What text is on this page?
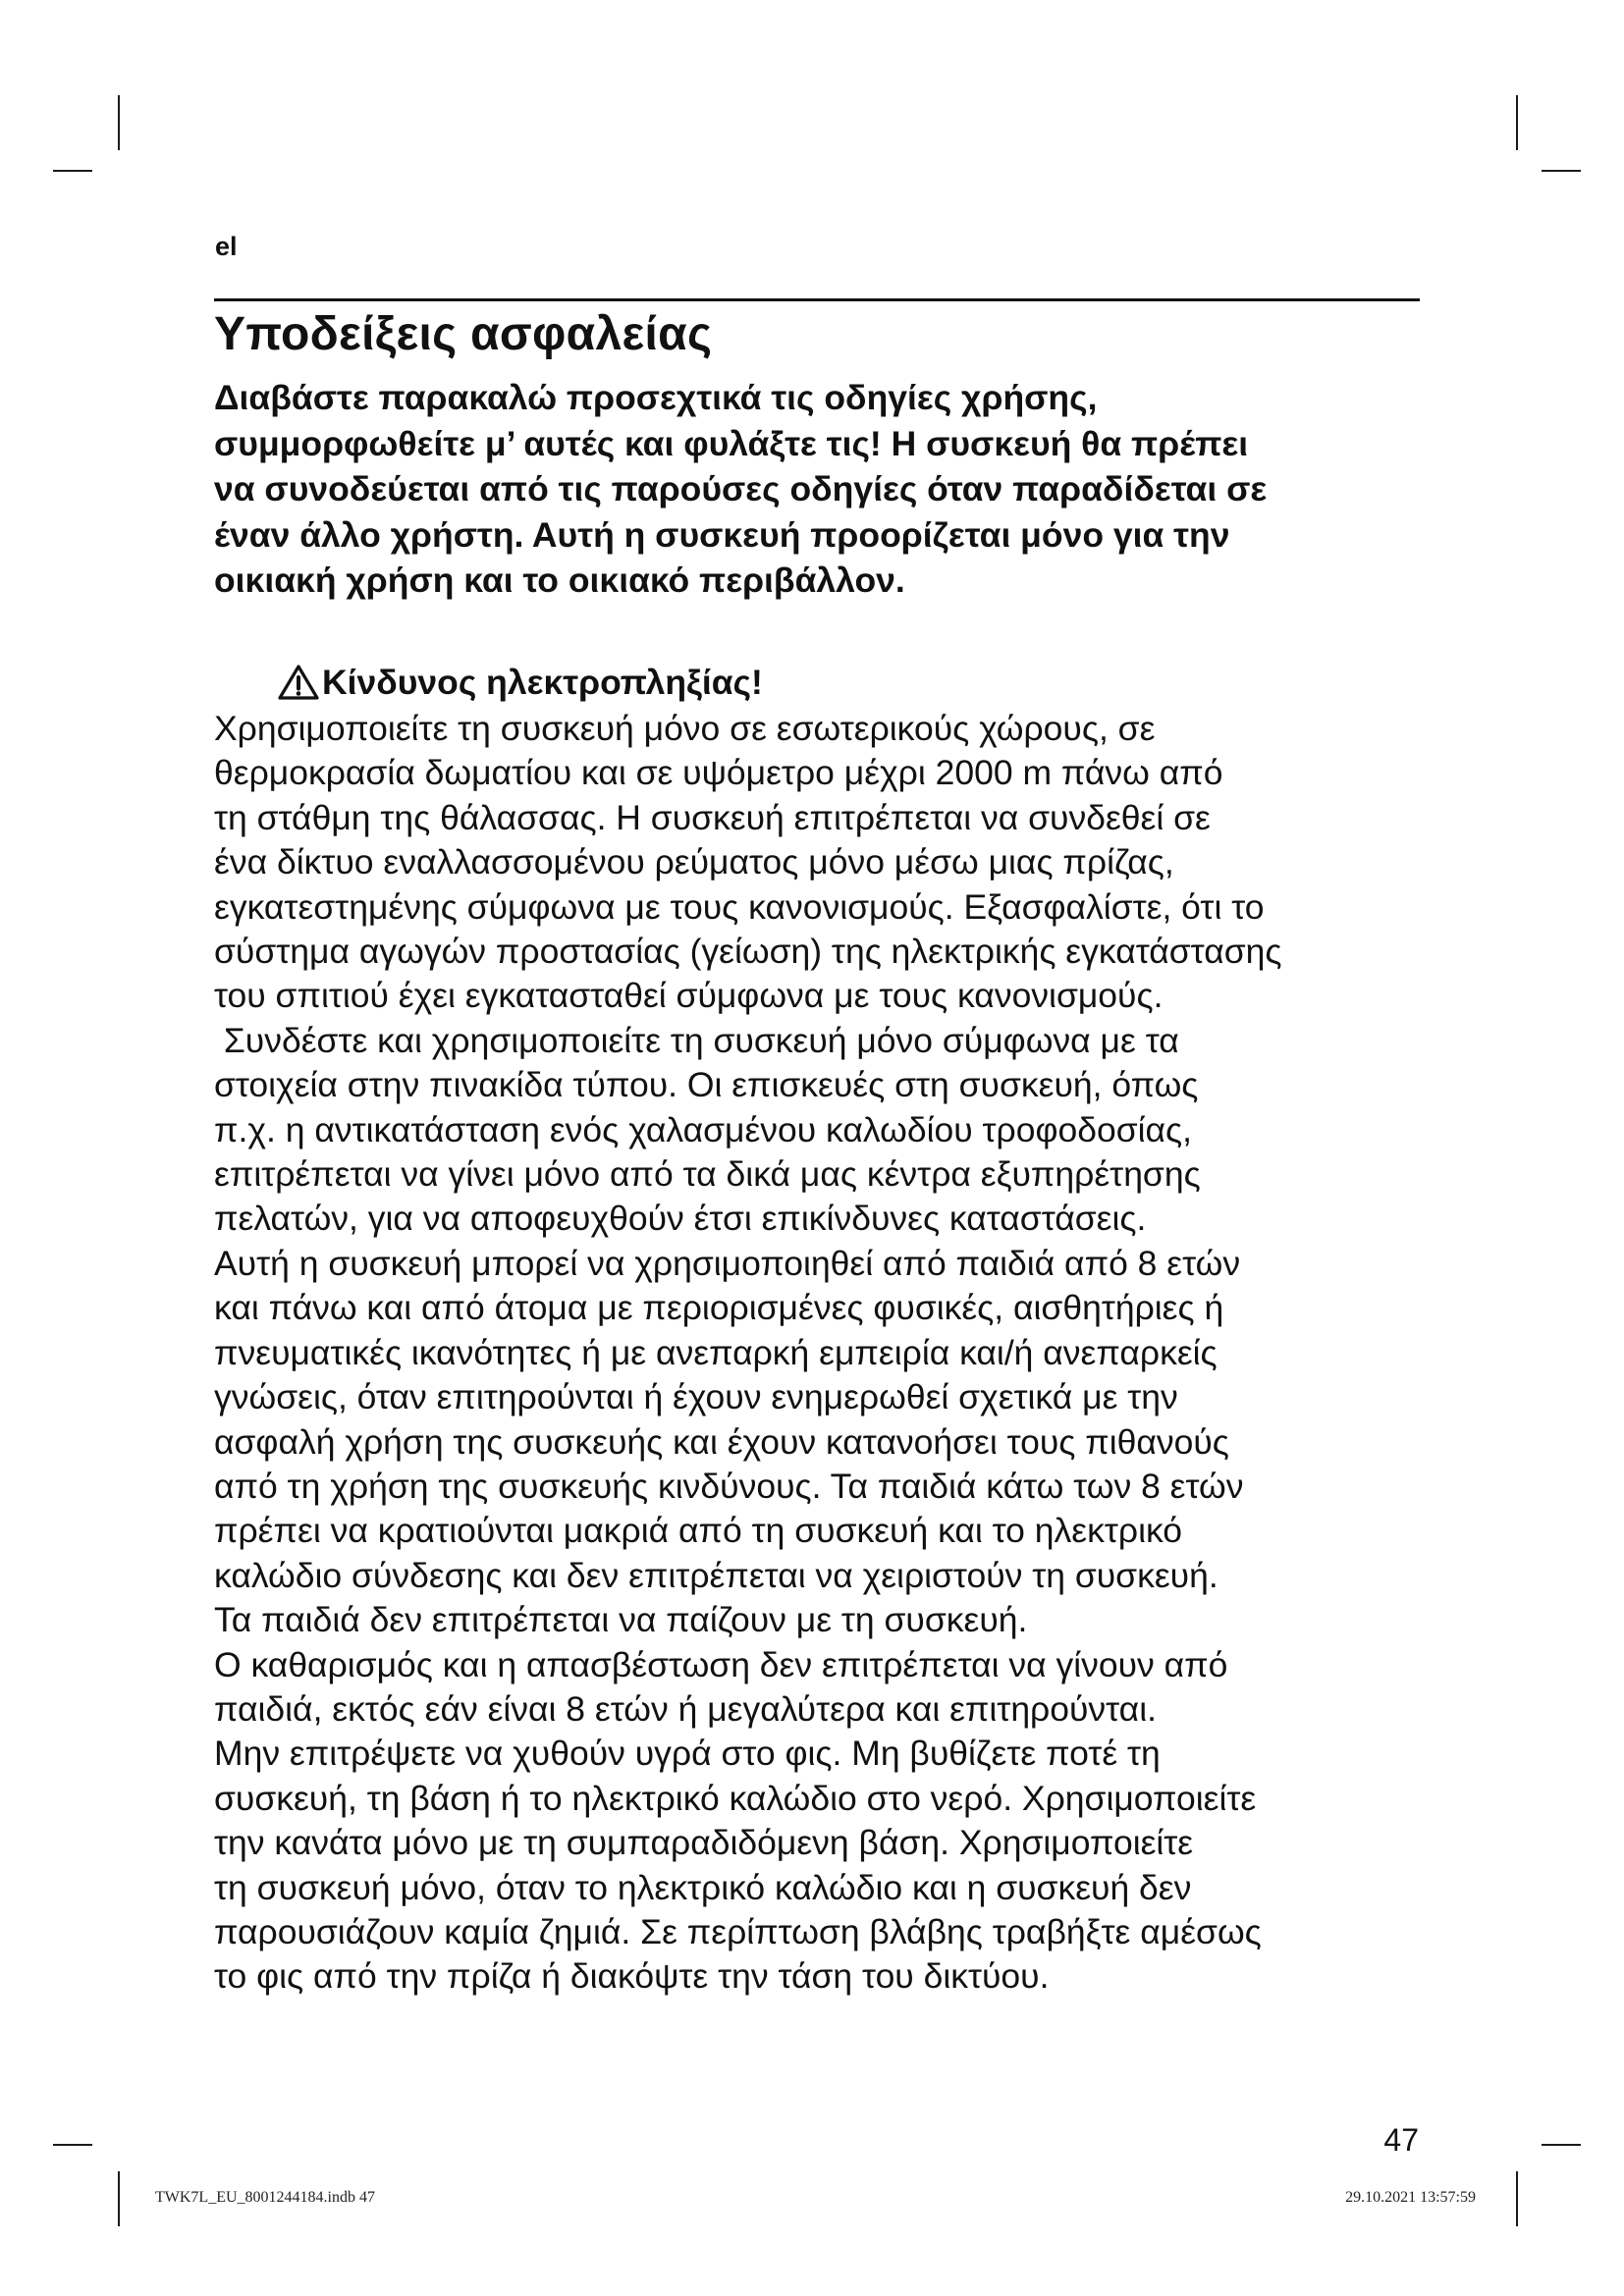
el
Υποδείξεις ασφαλείας
Διαβάστε παρακαλώ προσεχτικά τις οδηγίες χρήσης,
συμμορφωθείτε μ’ αυτές και φυλάξτε τις! Η συσκευή θα πρέπει
να συνοδεύεται από τις παρούσες οδηγίες όταν παραδίδεται σε
έναν άλλο χρήστη. Αυτή η συσκευή προορίζεται μόνο για την
οικιακή χρήση και το οικιακό περιβάλλον.
Κίνδυνος ηλεκτροπληξίας!
Χρησιμοποιείτε τη συσκευή μόνο σε εσωτερικούς χώρους, σε
θερμοκρασία δωματίου και σε υψόμετρο μέχρι 2000 m πάνω από
τη στάθμη της θάλασσας. Η συσκευή επιτρέπεται να συνδεθεί σε
ένα δίκτυο εναλλασσομένου ρεύματος μόνο μέσω μιας πρίζας,
εγκατεστημένης σύμφωνα με τους κανονισμούς. Εξασφαλίστε, ότι το
σύστημα αγωγών προστασίας (γείωση) της ηλεκτρικής εγκατάστασης
του σπιτιού έχει εγκατασταθεί σύμφωνα με τους κανονισμούς.
Συνδέστε και χρησιμοποιείτε τη συσκευή μόνο σύμφωνα με τα
στοιχεία στην πινακίδα τύπου. Οι επισκευές στη συσκευή, όπως
π.χ. η αντικατάσταση ενός χαλασμένου καλωδίου τροφοδοσίας,
επιτρέπεται να γίνει μόνο από τα δικά μας κέντρα εξυπηρέτησης
πελατών, για να αποφευχθούν έτσι επικίνδυνες καταστάσεις.
Αυτή η συσκευή μπορεί να χρησιμοποιηθεί από παιδιά από 8 ετών
και πάνω και από άτομα με περιορισμένες φυσικές, αισθητήριες ή
πνευματικές ικανότητες ή με ανεπαρκή εμπειρία και/ή ανεπαρκείς
γνώσεις, όταν επιτηρούνται ή έχουν ενημερωθεί σχετικά με την
ασφαλή χρήση της συσκευής και έχουν κατανοήσει τους πιθανούς
από τη χρήση της συσκευής κινδύνους. Τα παιδιά κάτω των 8 ετών
πρέπει να κρατιούνται μακριά από τη συσκευή και το ηλεκτρικό
καλώδιο σύνδεσης και δεν επιτρέπεται να χειριστούν τη συσκευή.
Τα παιδιά δεν επιτρέπεται να παίζουν με τη συσκευή.
Ο καθαρισμός και η απασβέστωση δεν επιτρέπεται να γίνουν από
παιδιά, εκτός εάν είναι 8 ετών ή μεγαλύτερα και επιτηρούνται.
Μην επιτρέψετε να χυθούν υγρά στο φις. Μη βυθίζετε ποτέ τη
συσκευή, τη βάση ή το ηλεκτρικό καλώδιο στο νερό. Χρησιμοποιείτε
την κανάτα μόνο με τη συμπαραδιδόμενη βάση. Χρησιμοποιείτε
τη συσκευή μόνο, όταν το ηλεκτρικό καλώδιο και η συσκευή δεν
παρουσιάζουν καμία ζημιά. Σε περίπτωση βλάβης τραβήξτε αμέσως
το φις από την πρίζα ή διακόψτε την τάση του δικτύου.
47
TWK7L_EU_8001244184.indb 47	29.10.2021 13:57:59
